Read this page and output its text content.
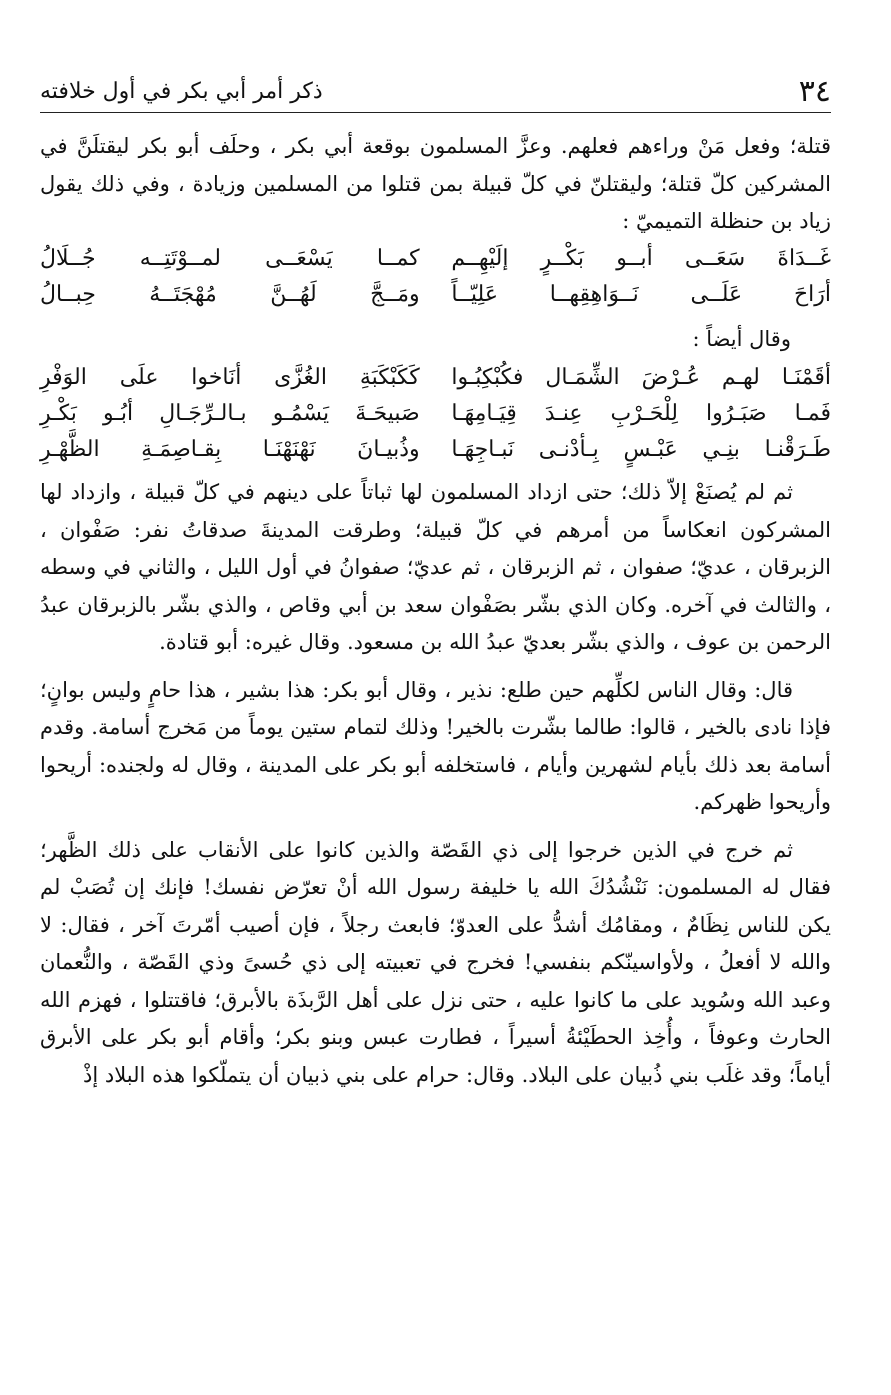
٣٤
ذكر أمر أبي بكر في أول خلافته

قتلة؛ وفعل مَنْ وراءهم فعلهم. وعزَّ المسلمون بوقعة أبي بكر ، وحلَف أبو بكر ليقتلَنَّ في المشركين كلّ قتلة؛ وليقتلنّ في كلّ قبيلة بمن قتلوا من المسلمين وزيادة ، وفي ذلك يقول زياد بن حنظلة التميميّ :

غَــدَاةَ سَعَــى أبــو بَكْــرٍ إلَيْهِــم
كمــا يَسْعَــى لمــوْتَتِــه جُــلَالُ
أرَاحَ عَلَــى نَــوَاهِقِهــا عَلِيّــاً
ومَــجَّ لَهُــنَّ مُهْجَتَــهُ حِبــالُ
وقال أيضاً :
أقَمْنَـا لهـم عُـرْضَ الشِّمَـال فكُبْكِبُـوا
كَكَبْكَبَةِ الغُزَّى أنَاخوا علَى الوَفْرِ
فَمـا صَبَـرُوا لِلْحَـرْبِ عِنـدَ قِيَـامِهَـا
صَبيحَـةَ يَسْمُـو بـالـرِّجَـالِ أبُـو بَكْـرِ
طَـرَقْنـا بنِـي عَبْـسٍ بِـأدْنـى نَبـاجِهَـا
وذُبيـانَ نَهْنَهْنَـا بِقـاصِمَـةِ الظَّهْـرِ

ثم لم يُصنَعْ إلاّ ذلك؛ حتى ازداد المسلمون لها ثباتاً على دينهم في كلّ قبيلة ، وازداد لها المشركون انعكاساً من أمرهم في كلّ قبيلة؛ وطرقت المدينةَ صدقاتُ نفر: صَفْوان ، الزبرقان ، عديّ؛ صفوان ، ثم الزبرقان ، ثم عديّ؛ صفوانُ في أول الليل ، والثاني في وسطه ، والثالث في آخره. وكان الذي بشّر بصَفْوان سعد بن أبي وقاص ، والذي بشّر بالزبرقان عبدُ الرحمن بن عوف ، والذي بشّر بعديّ عبدُ الله بن مسعود. وقال غيره: أبو قتادة.

قال: وقال الناس لكلِّهم حين طلع: نذير ، وقال أبو بكر: هذا بشير ، هذا حامٍ وليس بوانٍ؛ فإذا نادى بالخير ، قالوا: طالما بشّرت بالخير! وذلك لتمام ستين يوماً من مَخرج أسامة. وقدم أسامة بعد ذلك بأيام لشهرين وأيام ، فاستخلفه أبو بكر على المدينة ، وقال له ولجنده: أريحوا وأريحوا ظهركم.

ثم خرج في الذين خرجوا إلى ذي القَصّة والذين كانوا على الأنقاب على ذلك الظَّهر؛ فقال له المسلمون: نَنْشُدُكَ الله يا خليفة رسول الله أنْ تعرّض نفسك! فإنك إن تُصَبْ لم يكن للناس نِظَامٌ ، ومقامُك أشدُّ على العدوّ؛ فابعث رجلاً ، فإن أصيب أمّرتَ آخر ، فقال: لا والله لا أفعلُ ، ولأواسينّكم بنفسي! فخرج في تعبيته إلى ذي حُسىً وذي القَصّة ، والنُّعمان وعبد الله وسُويد على ما كانوا عليه ، حتى نزل على أهل الرَّبذَة بالأبرق؛ فاقتتلوا ، فهزم الله الحارث وعوفاً ، وأُخِذ الحطَيْئةُ أسيراً ، فطارت عبس وبنو بكر؛ وأقام أبو بكر على الأبرق أياماً؛ وقد غلَب بني ذُبيان على البلاد. وقال: حرام على بني ذبيان أن يتملّكوا هذه البلاد إذْ
